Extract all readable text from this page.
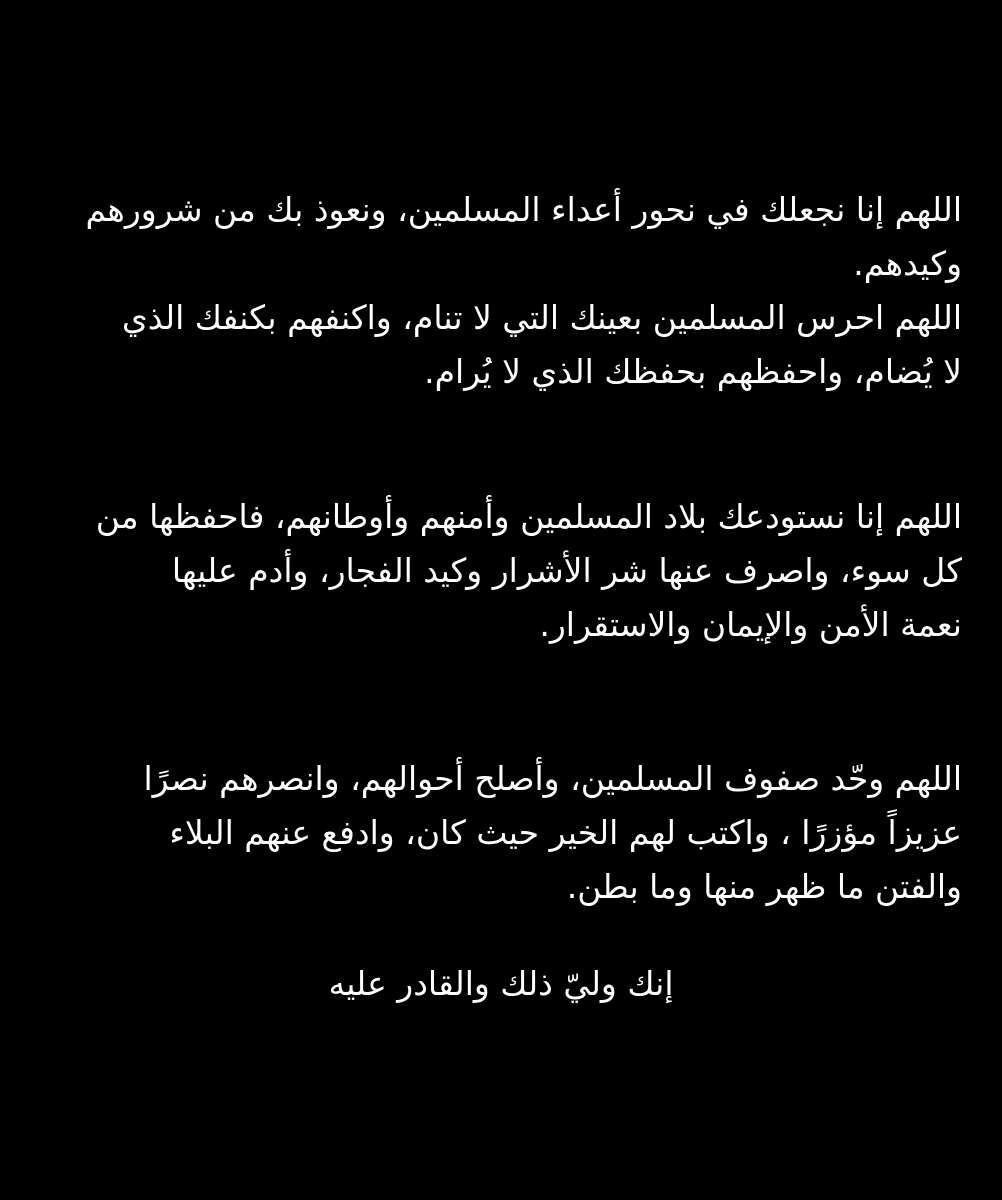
اللهم إنا نجعلك في نحور أعداء المسلمين، ونعوذ بك من شرورهم
وكيدهم.
اللهم احرس المسلمين بعينك التي لا تنام، واكنفهم بكنفك الذي
لا يُضام، واحفظهم بحفظك الذي لا يُرام.
اللهم إنا نستودعك بلاد المسلمين وأمنهم وأوطانهم، فاحفظها من
كل سوء، واصرف عنها شر الأشرار وكيد الفجار، وأدم عليها
نعمة الأمن والإيمان والاستقرار.
اللهم وحّد صفوف المسلمين، وأصلح أحوالهم، وانصرهم نصرًا
عزيزاً مؤزرًا ، واكتب لهم الخير حيث كان، وادفع عنهم البلاء
والفتن ما ظهر منها وما بطن.
إنك وليّ ذلك والقادر عليه
